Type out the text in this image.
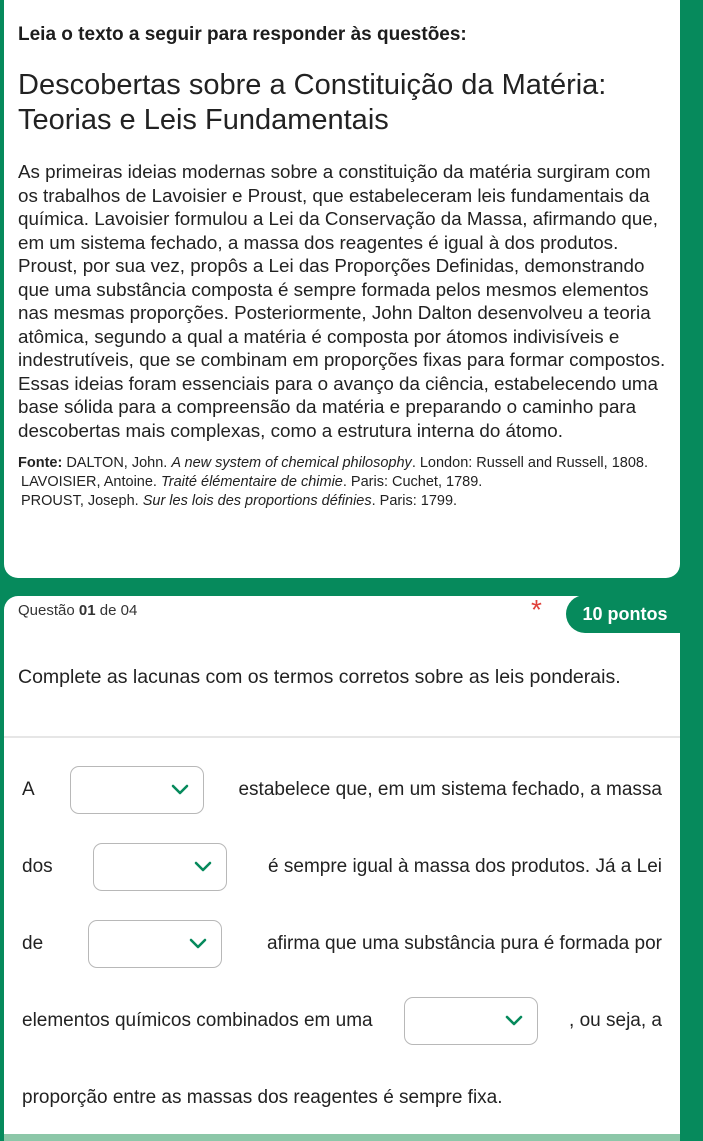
Leia o texto a seguir para responder às questões:

Descobertas sobre a Constituição da Matéria: Teorias e Leis Fundamentais

As primeiras ideias modernas sobre a constituição da matéria surgiram com os trabalhos de Lavoisier e Proust, que estabeleceram leis fundamentais da química. Lavoisier formulou a Lei da Conservação da Massa, afirmando que, em um sistema fechado, a massa dos reagentes é igual à dos produtos. Proust, por sua vez, propôs a Lei das Proporções Definidas, demonstrando que uma substância composta é sempre formada pelos mesmos elementos nas mesmas proporções. Posteriormente, John Dalton desenvolveu a teoria atômica, segundo a qual a matéria é composta por átomos indivisíveis e indestrutíveis, que se combinam em proporções fixas para formar compostos. Essas ideias foram essenciais para o avanço da ciência, estabelecendo uma base sólida para a compreensão da matéria e preparando o caminho para descobertas mais complexas, como a estrutura interna do átomo.

Fonte: DALTON, John. A new system of chemical philosophy. London: Russell and Russell, 1808.

LAVOISIER, Antoine. Traité élémentaire de chimie. Paris: Cuchet, 1789.

PROUST, Joseph. Sur les lois des proportions définies. Paris: 1799.

Questão 01 de 04	*	10 pontos
Complete as lacunas com os termos corretos sobre as leis ponderais.
A	estabelece que, em um sistema fechado, a massa
dos	é sempre igual à massa dos produtos. Já a Lei
de	afirma que uma substância pura é formada por
elementos químicos combinados em uma	, ou seja, a
proporção entre as massas dos reagentes é sempre fixa.
